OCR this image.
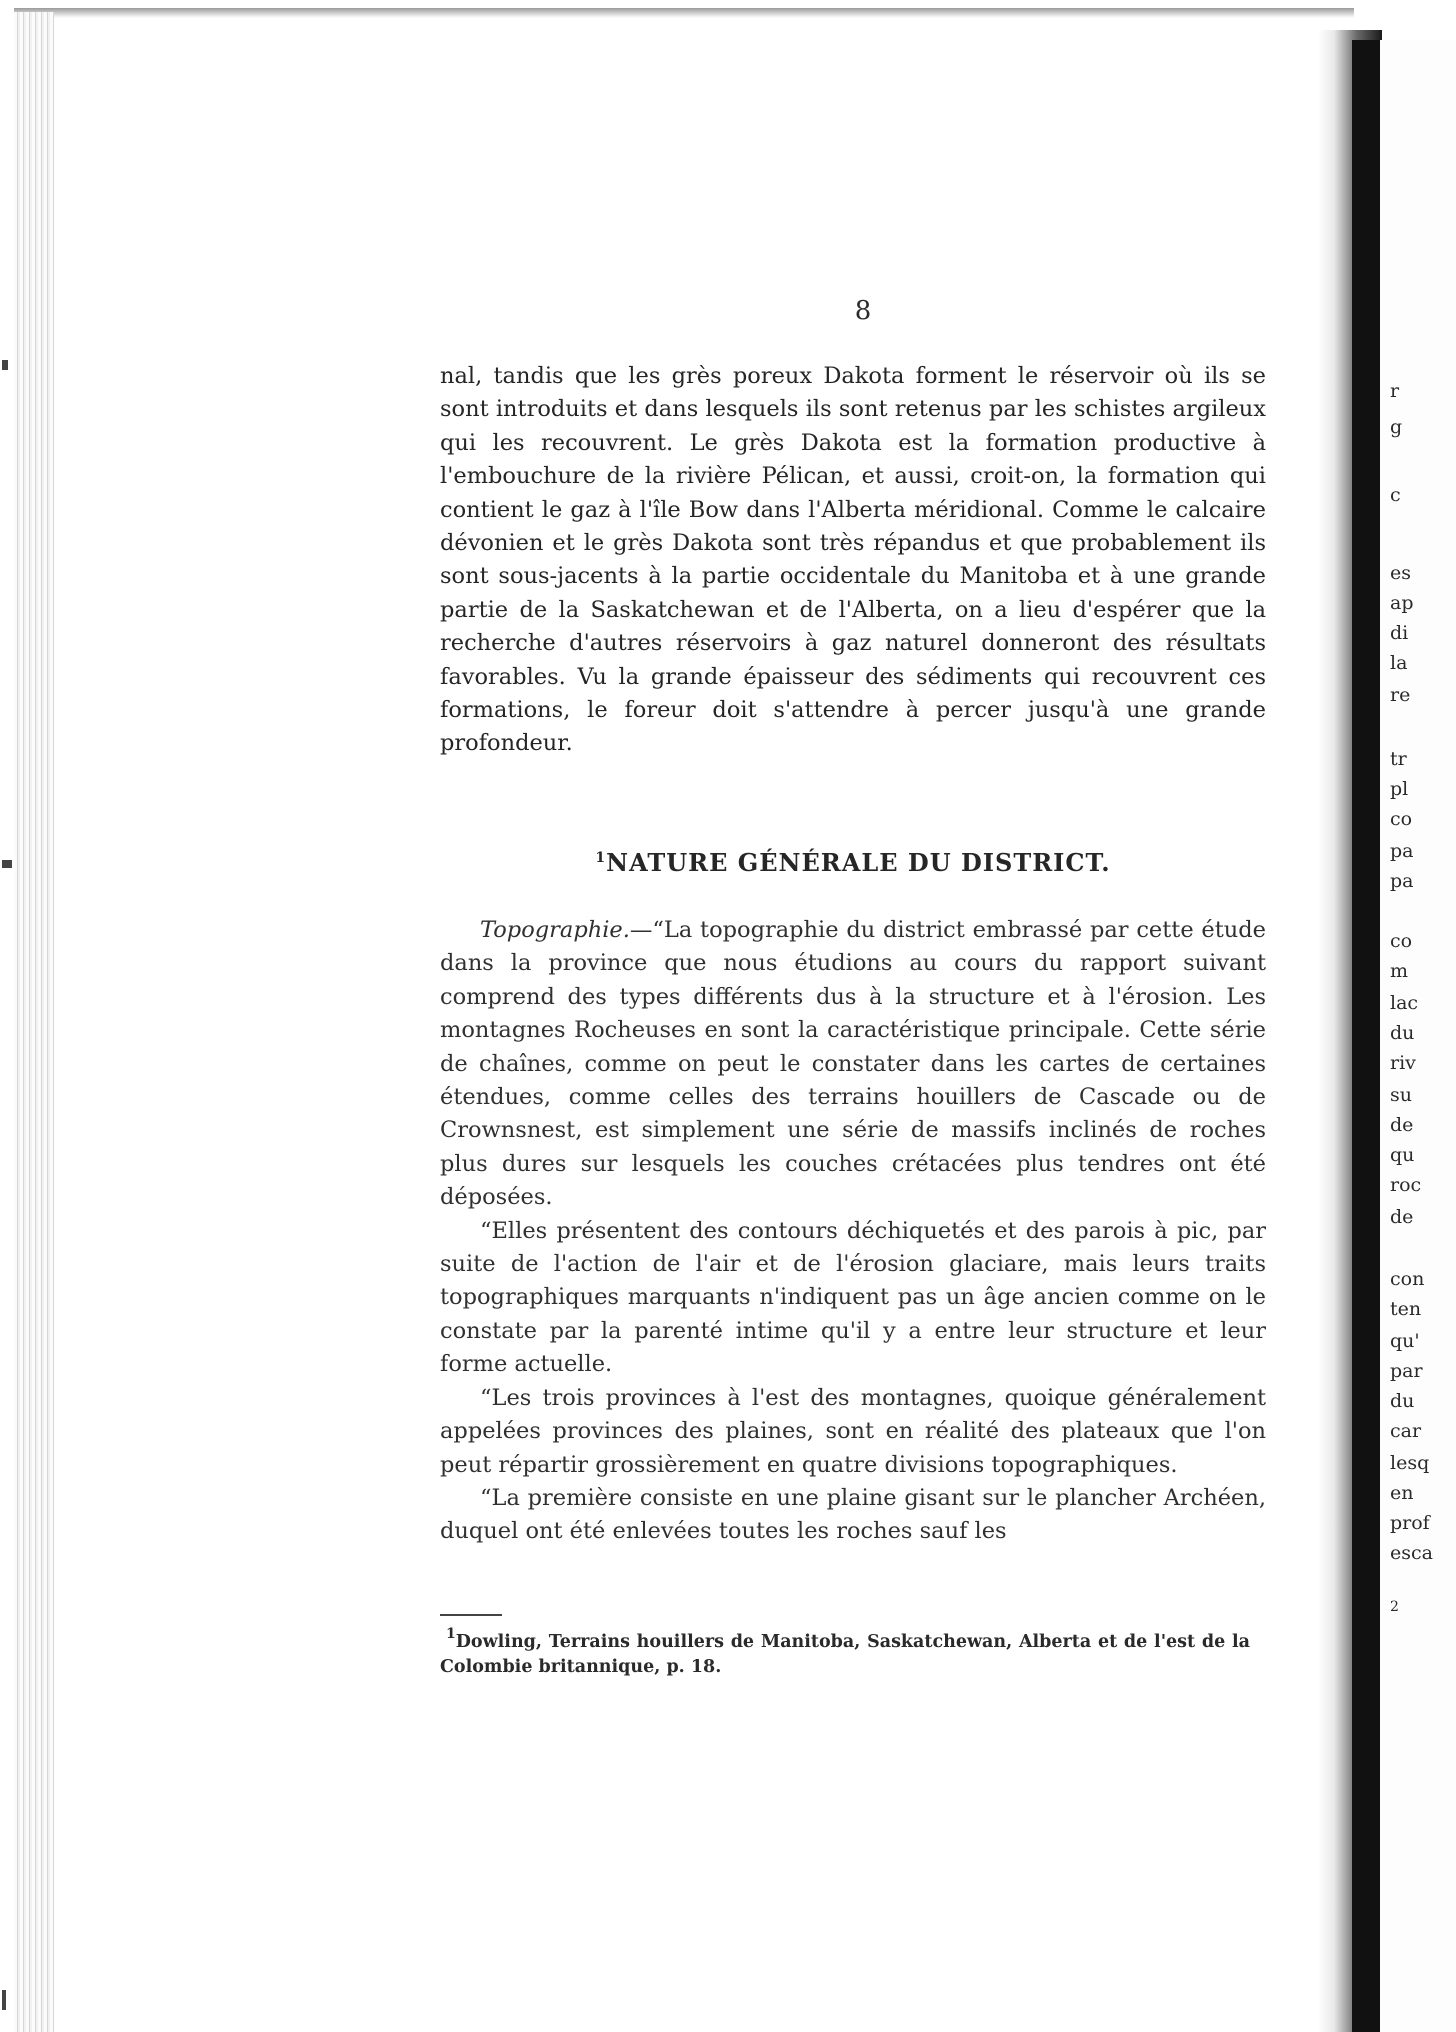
r
g
c
es
ap
di
la
re
tr
pl
co
pa
pa
co
m
lac
du
riv
su
de
qu
roc
de
con
ten
qu'
par
du
car
lesq
en
prof
esca
2
8

nal, tandis que les grès poreux Dakota forment le réservoir où ils se sont introduits et dans lesquels ils sont retenus par les schistes argileux qui les recouvrent. Le grès Dakota est la formation productive à l'embouchure de la rivière Pélican, et aussi, croit-on, la formation qui contient le gaz à l'île Bow dans l'Alberta méridional. Comme le calcaire dévonien et le grès Dakota sont très répandus et que probablement ils sont sous-jacents à la partie occidentale du Manitoba et à une grande partie de la Saskatchewan et de l'Alberta, on a lieu d'espérer que la recherche d'autres réservoirs à gaz naturel donneront des résultats favorables. Vu la grande épaisseur des sédiments qui recouvrent ces formations, le foreur doit s'attendre à percer jusqu'à une grande profondeur.

$^1$NATURE GÉNÉRALE DU DISTRICT.

Topographie.—“La topographie du district embrassé par cette étude dans la province que nous étudions au cours du rapport suivant comprend des types différents dus à la structure et à l'érosion. Les montagnes Rocheuses en sont la caractéristique principale. Cette série de chaînes, comme on peut le constater dans les cartes de certaines étendues, comme celles des terrains houillers de Cascade ou de Crownsnest, est simplement une série de massifs inclinés de roches plus dures sur lesquels les couches crétacées plus tendres ont été déposées.

“Elles présentent des contours déchiquetés et des parois à pic, par suite de l'action de l'air et de l'érosion glaciare, mais leurs traits topographiques marquants n'indiquent pas un âge ancien comme on le constate par la parenté intime qu'il y a entre leur structure et leur forme actuelle.

“Les trois provinces à l'est des montagnes, quoique généralement appelées provinces des plaines, sont en réalité des plateaux que l'on peut répartir grossièrement en quatre divisions topographiques.

“La première consiste en une plaine gisant sur le plancher Archéen, duquel ont été enlevées toutes les roches sauf les

$^1$Dowling, Terrains houillers de Manitoba, Saskatchewan, Alberta et de l'est de la Colombie britannique, p. 18.
